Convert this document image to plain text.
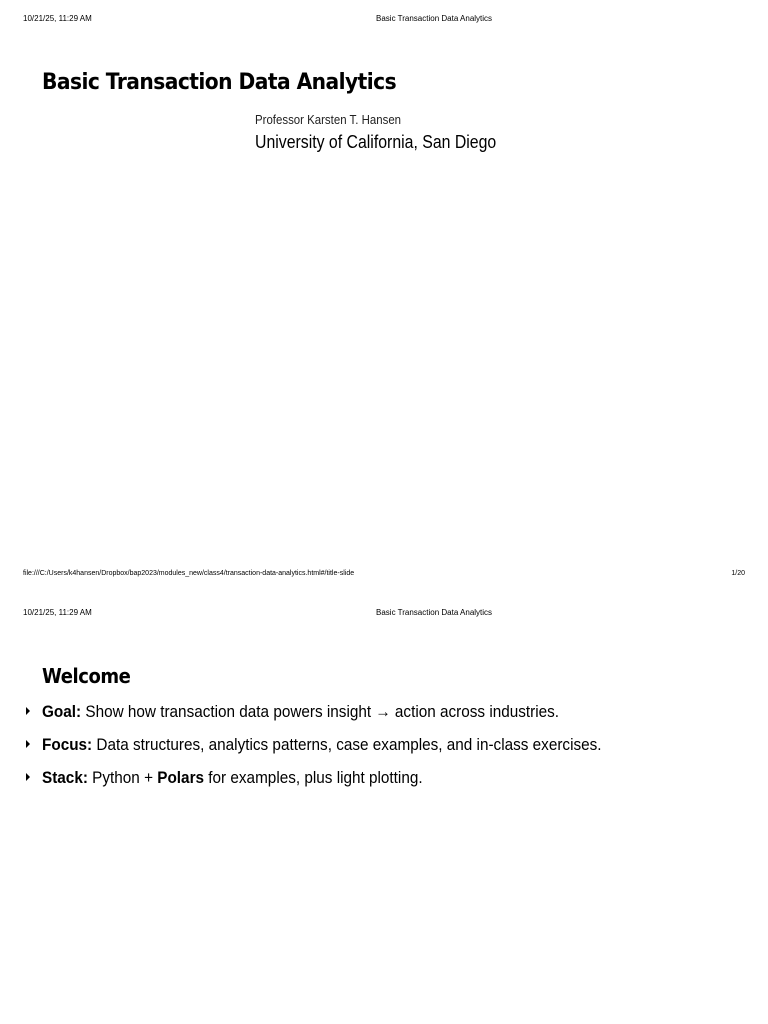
10/21/25, 11:29 AM	Basic Transaction Data Analytics
Basic Transaction Data Analytics
Professor Karsten T. Hansen
University of California, San Diego
file:///C:/Users/k4hansen/Dropbox/bap2023/modules_new/class4/transaction-data-analytics.html#/title-slide	1/20
10/21/25, 11:29 AM	Basic Transaction Data Analytics
Welcome
Goal: Show how transaction data powers insight → action across industries.
Focus: Data structures, analytics patterns, case examples, and in-class exercises.
Stack: Python + Polars for examples, plus light plotting.
